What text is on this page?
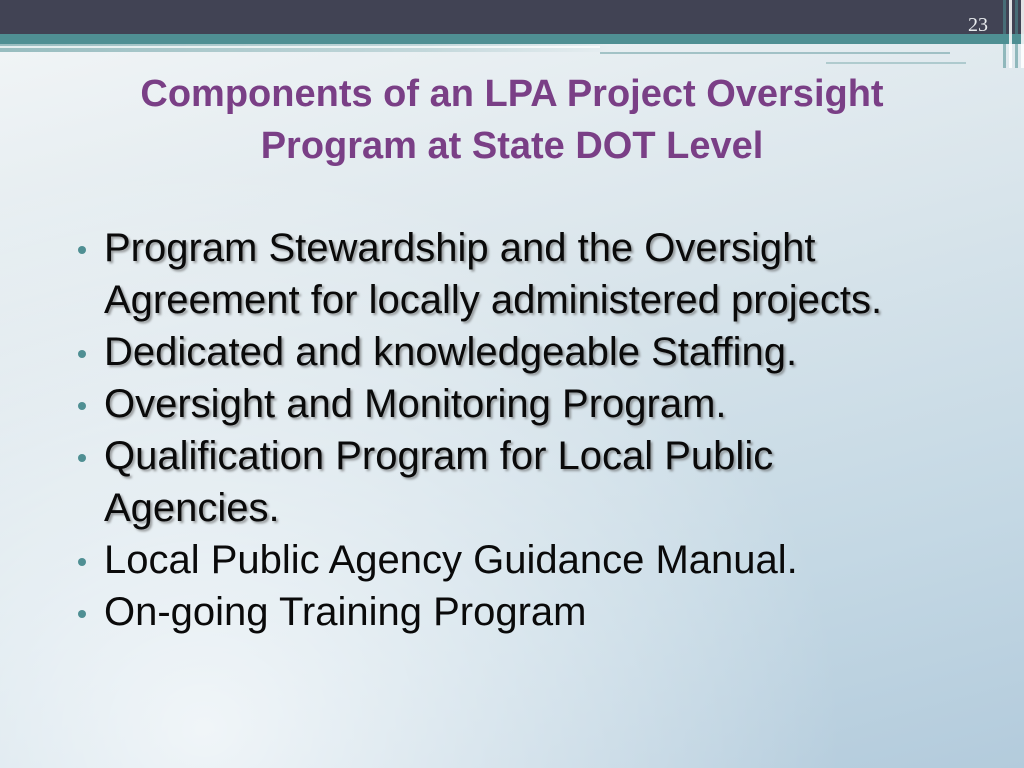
23
Components of an LPA Project Oversight
Program at State DOT Level
Program Stewardship and the Oversight Agreement for locally administered projects.
Dedicated and knowledgeable Staffing.
Oversight and Monitoring Program.
Qualification Program for Local Public Agencies.
Local Public Agency Guidance Manual.
On-going Training Program
